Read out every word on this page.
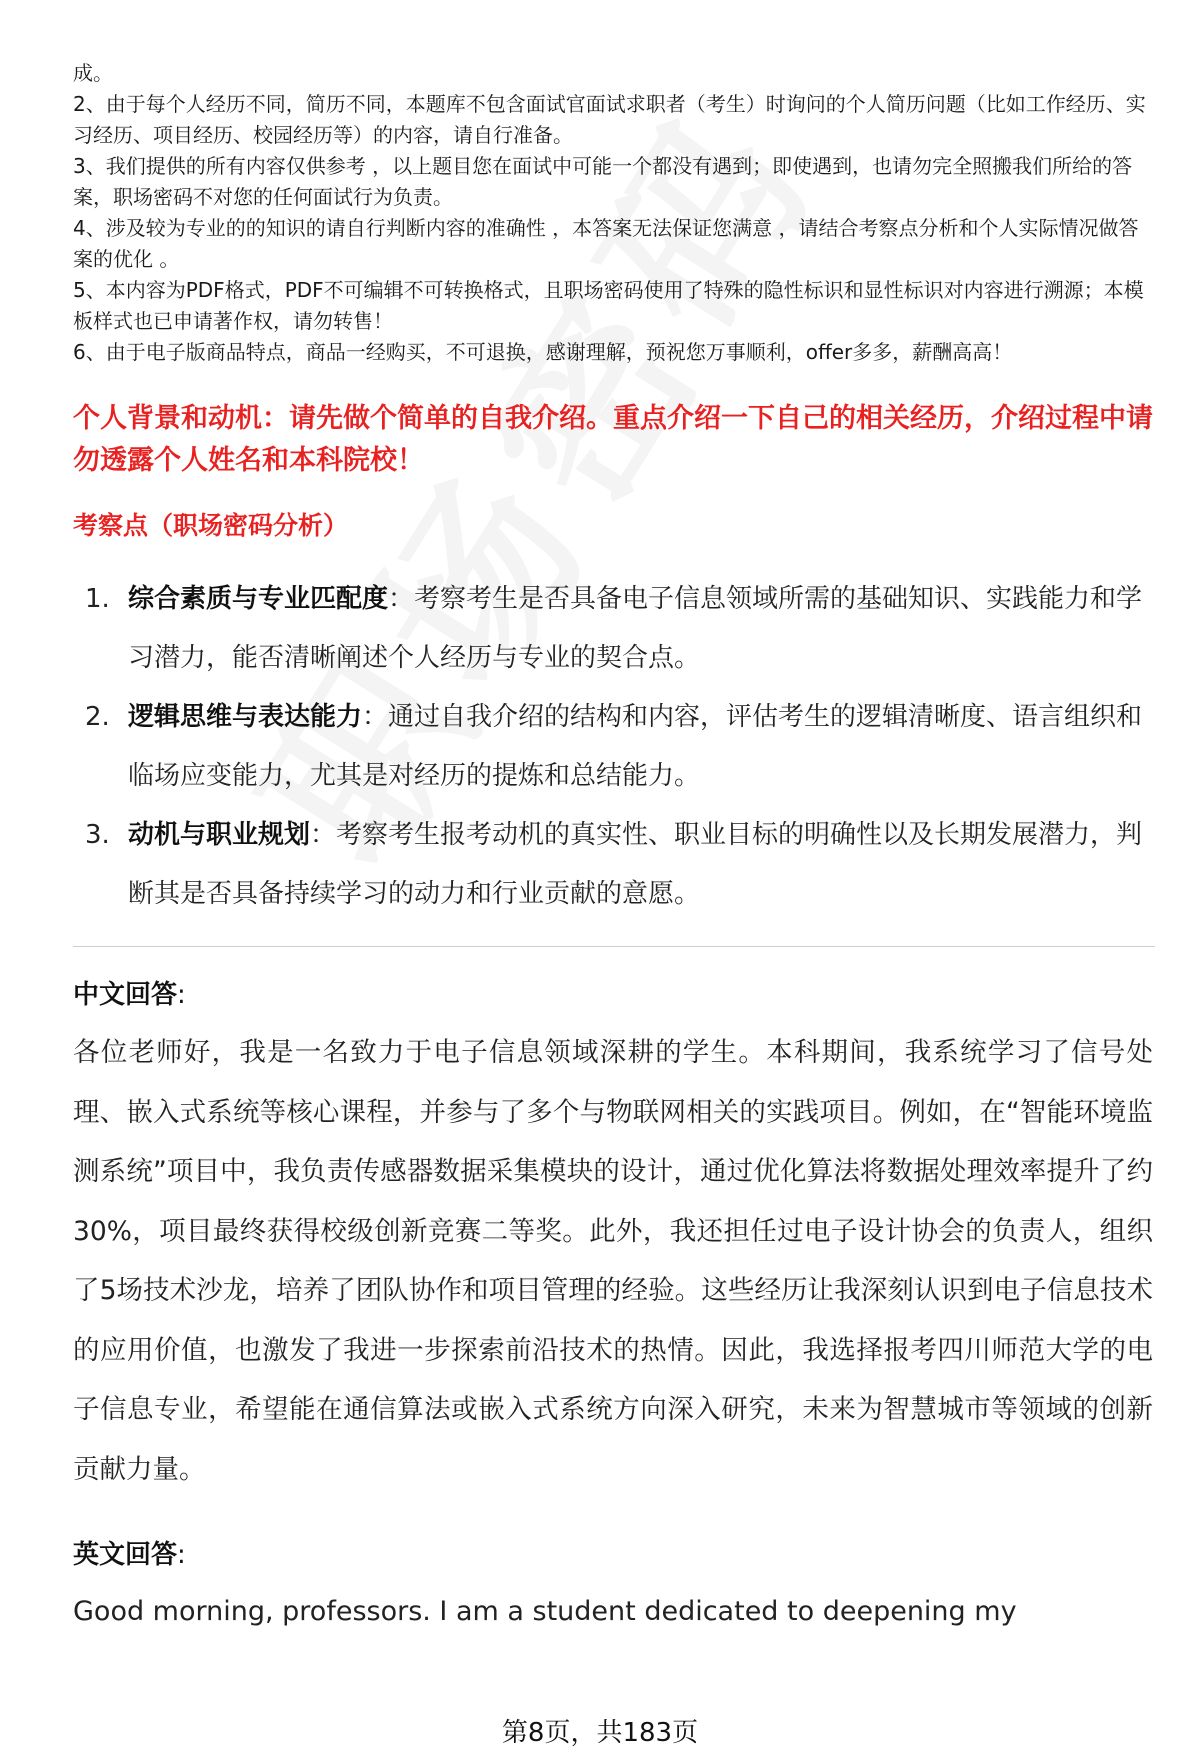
成。

2、由于每个人经历不同，简历不同，本题库不包含面试官面试求职者（考生）时询问的个人简历问题（比如工作经历、实习经历、项目经历、校园经历等）的内容，请自行准备。

3、我们提供的所有内容仅供参考 ，以上题目您在面试中可能一个都没有遇到；即使遇到，也请勿完全照搬我们所给的答案，职场密码不对您的任何面试行为负责。

4、涉及较为专业的的知识的请自行判断内容的准确性 ，本答案无法保证您满意 ，请结合考察点分析和个人实际情况做答案的优化 。

5、本内容为PDF格式，PDF不可编辑不可转换格式，且职场密码使用了特殊的隐性标识和显性标识对内容进行溯源；本模板样式也已申请著作权，请勿转售！

6、由于电子版商品特点，商品一经购买，不可退换，感谢理解，预祝您万事顺利，offer多多，薪酬高高！

个人背景和动机：请先做个简单的自我介绍。重点介绍一下自己的相关经历，介绍过程中请勿透露个人姓名和本科院校！
考察点（职场密码分析）
1. 综合素质与专业匹配度：考察考生是否具备电子信息领域所需的基础知识、实践能力和学习潜力，能否清晰阐述个人经历与专业的契合点。
2. 逻辑思维与表达能力：通过自我介绍的结构和内容，评估考生的逻辑清晰度、语言组织和临场应变能力，尤其是对经历的提炼和总结能力。
3. 动机与职业规划：考察考生报考动机的真实性、职业目标的明确性以及长期发展潜力，判断其是否具备持续学习的动力和行业贡献的意愿。
中文回答:
各位老师好，我是一名致力于电子信息领域深耕的学生。本科期间，我系统学习了信号处理、嵌入式系统等核心课程，并参与了多个与物联网相关的实践项目。例如，在“智能环境监测系统”项目中，我负责传感器数据采集模块的设计，通过优化算法将数据处理效率提升了约30%，项目最终获得校级创新竞赛二等奖。此外，我还担任过电子设计协会的负责人，组织了5场技术沙龙，培养了团队协作和项目管理的经验。这些经历让我深刻认识到电子信息技术的应用价值，也激发了我进一步探索前沿技术的热情。因此，我选择报考四川师范大学的电子信息专业，希望能在通信算法或嵌入式系统方向深入研究，未来为智慧城市等领域的创新贡献力量。
英文回答:
Good morning, professors. I am a student dedicated to deepening my
第8页，共183页
